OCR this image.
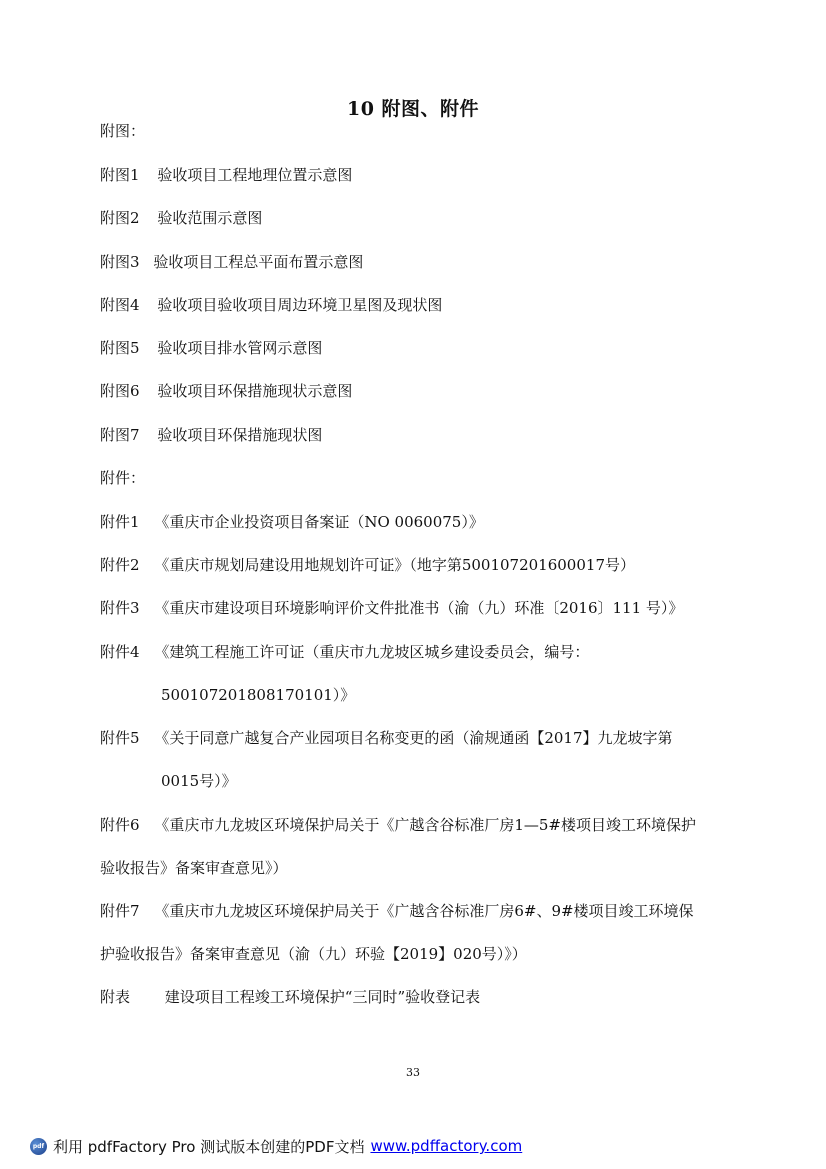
10 附图、附件
附图：
附图1 验收项目工程地理位置示意图
附图2 验收范围示意图
附图3 验收项目工程总平面布置示意图
附图4 验收项目验收项目周边环境卫星图及现状图
附图5 验收项目排水管网示意图
附图6 验收项目环保措施现状示意图
附图7 验收项目环保措施现状图
附件：
附件1 《重庆市企业投资项目备案证（NO 0060075）》
附件2 《重庆市规划局建设用地规划许可证》（地字第500107201600017号）
附件3 《重庆市建设项目环境影响评价文件批准书（渝（九）环准〔2016〕111 号）》
附件4 《建筑工程施工许可证（重庆市九龙坡区城乡建设委员会，编号：
500107201808170101）》
附件5 《关于同意广越复合产业园项目名称变更的函（渝规通函【2017】九龙坡字第
0015号）》
附件6 《重庆市九龙坡区环境保护局关于《广越含谷标准厂房1—5#楼项目竣工环境保护
验收报告》备案审查意见》）
附件7 《重庆市九龙坡区环境保护局关于《广越含谷标准厂房6#、9#楼项目竣工环境保
护验收报告》备案审查意见（渝（九）环验【2019】020号）》）
附表 建设项目工程竣工环境保护“三同时”验收登记表
33
pdf 利用 pdfFactory Pro 测试版本创建的PDF文档 www.pdffactory.com
